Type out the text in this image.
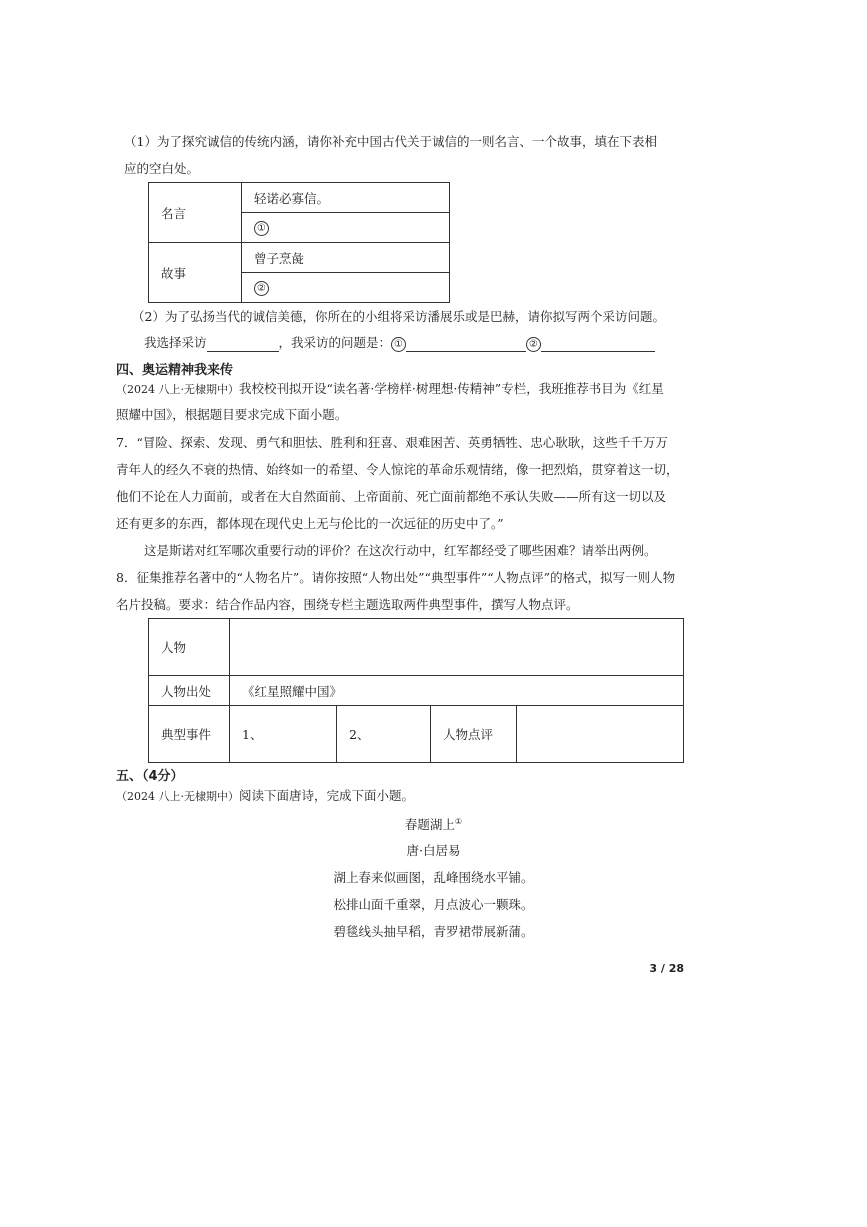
（1）为了探究诚信的传统内涵，请你补充中国古代关于诚信的一则名言、一个故事，填在下表相
应的空白处。
名言	轻诺必寡信。
	①
故事	曾子烹彘
	②
（2）为了弘扬当代的诚信美德，你所在的小组将采访潘展乐或是巴赫，请你拟写两个采访问题。
我选择采访	，我采访的问题是： ①	②
四、奥运精神我来传
（2024 八上·无棣期中）我校校刊拟开设“读名著·学榜样·树理想·传精神”专栏，我班推荐书目为《红星
照耀中国》，根据题目要求完成下面小题。
7．“冒险、探索、发现、勇气和胆怯、胜利和狂喜、艰难困苦、英勇牺牲、忠心耿耿，这些千千万万
青年人的经久不衰的热情、始终如一的希望、令人惊诧的革命乐观情绪，像一把烈焰，贯穿着这一切，
他们不论在人力面前，或者在大自然面前、上帝面前、死亡面前都绝不承认失败——所有这一切以及
还有更多的东西，都体现在现代史上无与伦比的一次远征的历史中了。”
这是斯诺对红军哪次重要行动的评价？在这次行动中，红军都经受了哪些困难？请举出两例。
8．征集推荐名著中的“人物名片”。请你按照“人物出处”“典型事件”“人物点评”的格式，拟写一则人物
名片投稿。要求：结合作品内容，围绕专栏主题选取两件典型事件，撰写人物点评。
人物				
人物出处	《红星照耀中国》			
典型事件	1、	2、	人物点评	
五、（4分）
（2024 八上·无棣期中）阅读下面唐诗，完成下面小题。
春题湖上①
唐·白居易
湖上春来似画图，乱峰围绕水平铺。
松排山面千重翠，月点波心一颗珠。
碧毯线头抽早稻，青罗裙带展新蒲。
3 / 28
